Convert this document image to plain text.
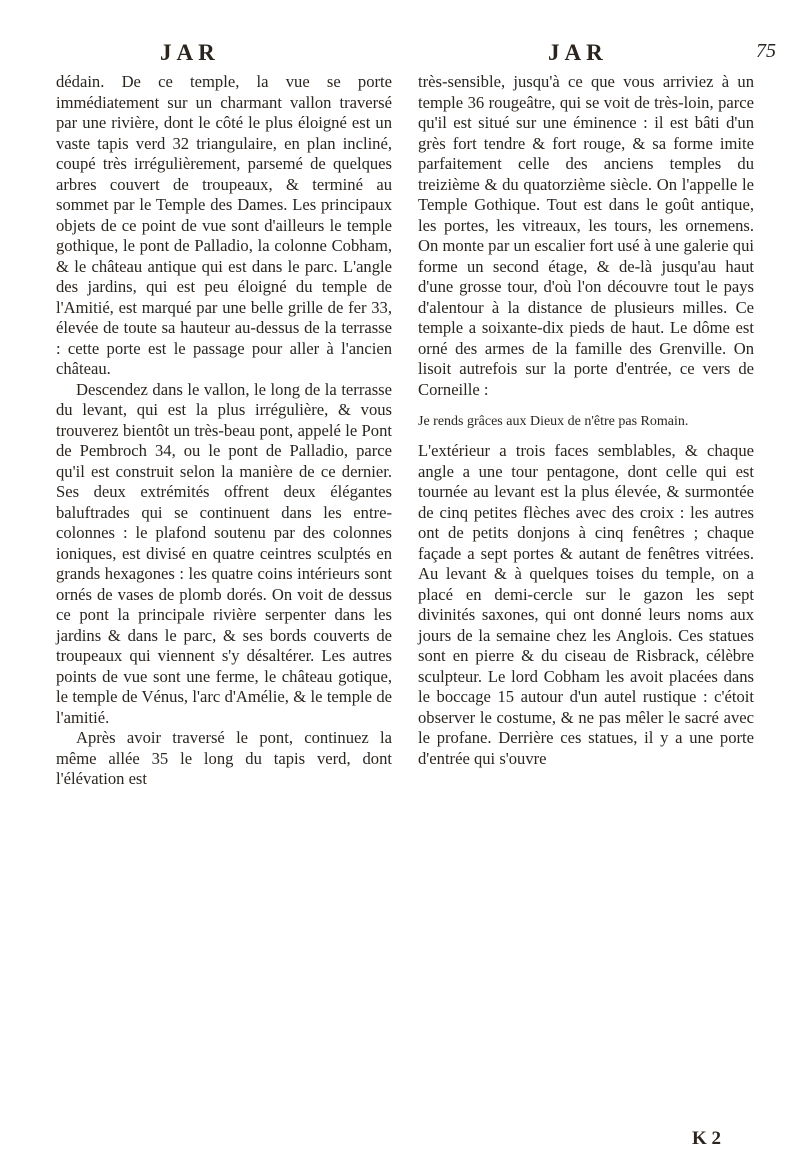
JAR	JAR	75

dédain. De ce temple, la vue se porte immédiatement sur un charmant vallon traversé par une rivière, dont le côté le plus éloigné est un vaste tapis verd 32 triangulaire, en plan incliné, coupé très irrégulièrement, parsemé de quelques arbres couvert de troupeaux, & terminé au sommet par le Temple des Dames. Les principaux objets de ce point de vue sont d'ailleurs le temple gothique, le pont de Palladio, la colonne Cobham, & le château antique qui est dans le parc. L'angle des jardins, qui est peu éloigné du temple de l'Amitié, est marqué par une belle grille de fer 33, élevée de toute sa hauteur au-dessus de la terrasse : cette porte est le passage pour aller à l'ancien château.

Descendez dans le vallon, le long de la terrasse du levant, qui est la plus irrégulière, & vous trouverez bientôt un très-beau pont, appelé le Pont de Pembroch 34, ou le pont de Palladio, parce qu'il est construit selon la manière de ce dernier. Ses deux extrémités offrent deux élégantes baluftrades qui se continuent dans les entre-colonnes : le plafond soutenu par des colonnes ioniques, est divisé en quatre ceintres sculptés en grands hexagones : les quatre coins intérieurs sont ornés de vases de plomb dorés. On voit de dessus ce pont la principale rivière serpenter dans les jardins & dans le parc, & ses bords couverts de troupeaux qui viennent s'y désaltérer. Les autres points de vue sont une ferme, le château gotique, le temple de Vénus, l'arc d'Amélie, & le temple de l'amitié.

Après avoir traversé le pont, continuez la même allée 35 le long du tapis verd, dont l'élévation est

très-sensible, jusqu'à ce que vous arriviez à un temple 36 rougeâtre, qui se voit de très-loin, parce qu'il est situé sur une éminence : il est bâti d'un grès fort tendre & fort rouge, & sa forme imite parfaitement celle des anciens temples du treizième & du quatorzième siècle. On l'appelle le Temple Gothique. Tout est dans le goût antique, les portes, les vitreaux, les tours, les ornemens. On monte par un escalier fort usé à une galerie qui forme un second étage, & de-là jusqu'au haut d'une grosse tour, d'où l'on découvre tout le pays d'alentour à la distance de plusieurs milles. Ce temple a soixante-dix pieds de haut. Le dôme est orné des armes de la famille des Grenville. On lisoit autrefois sur la porte d'entrée, ce vers de Corneille :

Je rends grâces aux Dieux de n'être pas Romain.

L'extérieur a trois faces semblables, & chaque angle a une tour pentagone, dont celle qui est tournée au levant est la plus élevée, & surmontée de cinq petites flèches avec des croix : les autres ont de petits donjons à cinq fenêtres ; chaque façade a sept portes & autant de fenêtres vitrées. Au levant & à quelques toises du temple, on a placé en demi-cercle sur le gazon les sept divinités saxones, qui ont donné leurs noms aux jours de la semaine chez les Anglois. Ces statues sont en pierre & du ciseau de Risbrack, célèbre sculpteur. Le lord Cobham les avoit placées dans le boccage 15 autour d'un autel rustique : c'étoit observer le costume, & ne pas mêler le sacré avec le profane. Derrière ces statues, il y a une porte d'entrée qui s'ouvre

K 2
